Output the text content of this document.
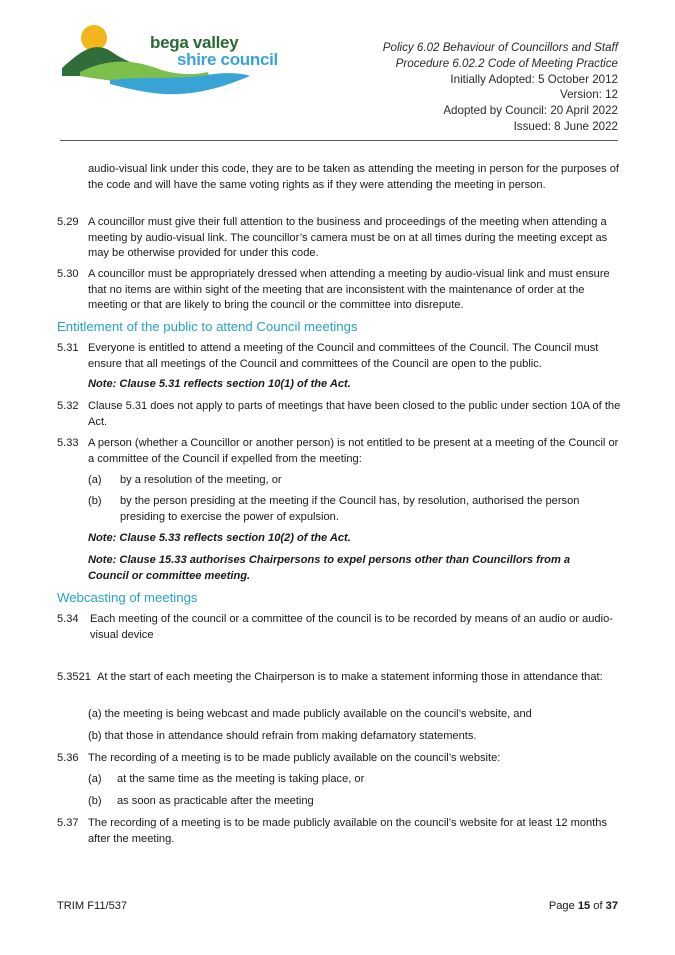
bega valley
shire council
Policy 6.02 Behaviour of Councillors and Staff
Procedure 6.02.2 Code of Meeting Practice
Initially Adopted: 5 October 2012
Version: 12
Adopted by Council: 20 April 2022
Issued: 8 June 2022
audio-visual link under this code, they are to be taken as attending the meeting in person for the purposes of the code and will have the same voting rights as if they were attending the meeting in person.
5.29 A councillor must give their full attention to the business and proceedings of the meeting when attending a meeting by audio-visual link. The councillor’s camera must be on at all times during the meeting except as may be otherwise provided for under this code.
5.30 A councillor must be appropriately dressed when attending a meeting by audio-visual link and must ensure that no items are within sight of the meeting that are inconsistent with the maintenance of order at the meeting or that are likely to bring the council or the committee into disrepute.
Entitlement of the public to attend Council meetings
5.31 Everyone is entitled to attend a meeting of the Council and committees of the Council. The Council must ensure that all meetings of the Council and committees of the Council are open to the public.
Note: Clause 5.31 reflects section 10(1) of the Act.
5.32 Clause 5.31 does not apply to parts of meetings that have been closed to the public under section 10A of the Act.
5.33 A person (whether a Councillor or another person) is not entitled to be present at a meeting of the Council or a committee of the Council if expelled from the meeting:
(a) by a resolution of the meeting, or
(b) by the person presiding at the meeting if the Council has, by resolution, authorised the person presiding to exercise the power of expulsion.
Note: Clause 5.33 reflects section 10(2) of the Act.
Note: Clause 15.33 authorises Chairpersons to expel persons other than Councillors from a Council or committee meeting.
Webcasting of meetings
5.34 Each meeting of the council or a committee of the council is to be recorded by means of an audio or audio-visual device
5.3521 At the start of each meeting the Chairperson is to make a statement informing those in attendance that:
(a) the meeting is being webcast and made publicly available on the council’s website, and
(b) that those in attendance should refrain from making defamatory statements.
5.36 The recording of a meeting is to be made publicly available on the council’s website:
(a) at the same time as the meeting is taking place, or
(b) as soon as practicable after the meeting
5.37 The recording of a meeting is to be made publicly available on the council’s website for at least 12 months after the meeting.
TRIM F11/537	Page 15 of 37
